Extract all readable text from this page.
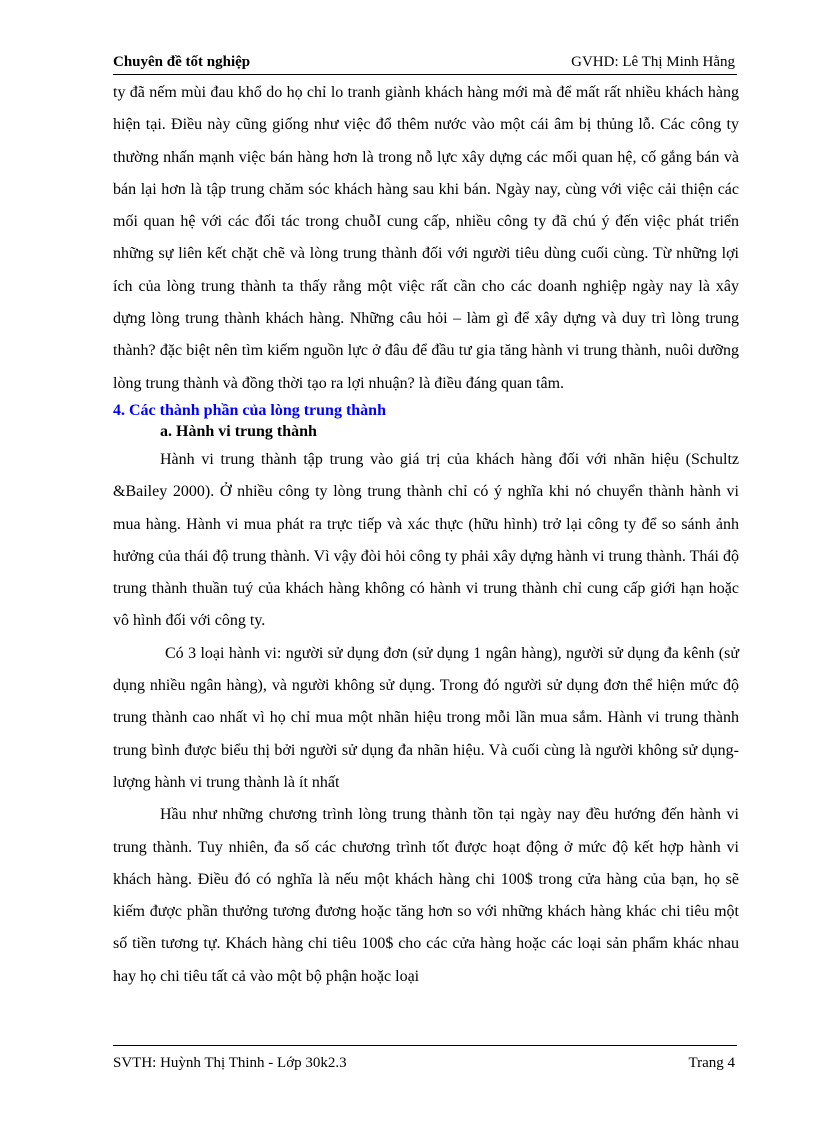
Chuyên đề tốt nghiệp	GVHD: Lê Thị Minh Hằng

ty đã nếm mùi đau khổ do họ chỉ lo tranh giành khách hàng mới mà để mất rất nhiều khách hàng hiện tại. Điều này cũng giống như việc đổ thêm nước vào một cái âm bị thủng lỗ. Các công ty thường nhấn mạnh việc bán hàng hơn là trong nỗ lực xây dựng các mối quan hệ, cố gắng bán và bán lại hơn là tập trung chăm sóc khách hàng sau khi bán. Ngày nay, cùng với việc cải thiện các mối quan hệ với các đối tác trong chuỗI cung cấp, nhiều công ty đã chú ý đến việc phát triển những sự liên kết chặt chẽ và lòng trung thành đối với người tiêu dùng cuối cùng. Từ những lợi ích của lòng trung thành ta thấy rằng một việc rất cần cho các doanh nghiệp ngày nay là xây dựng lòng trung thành khách hàng. Những câu hỏi – làm gì để xây dựng và duy trì lòng trung thành? đặc biệt nên tìm kiếm nguồn lực ở đâu để đầu tư gia tăng hành vi trung thành, nuôi dưỡng lòng trung thành và đồng thời tạo ra lợi nhuận? là điều đáng quan tâm.

4. Các thành phần của lòng trung thành
a. Hành vi trung thành

Hành vi trung thành tập trung vào giá trị của khách hàng đối với nhãn hiệu (Schultz &Bailey 2000). Ở nhiều công ty lòng trung thành chỉ có ý nghĩa khi nó chuyển thành hành vi mua hàng. Hành vi mua phát ra trực tiếp và xác thực (hữu hình) trở lại công ty để so sánh ảnh hưởng của thái độ trung thành. Vì vậy đòi hỏi công ty phải xây dựng hành vi trung thành. Thái độ trung thành thuần tuý của khách hàng không có hành vi trung thành chỉ cung cấp giới hạn hoặc vô hình đối với công ty.

Có 3 loại hành vi: người sử dụng đơn (sử dụng 1 ngân hàng), người sử dụng đa kênh (sử dụng nhiều ngân hàng), và người không sử dụng. Trong đó người sử dụng đơn thể hiện mức độ trung thành cao nhất vì họ chỉ mua một nhãn hiệu trong mỗi lần mua sắm. Hành vi trung thành trung bình được biểu thị bởi người sử dụng đa nhãn hiệu. Và cuối cùng là người không sử dụng-lượng hành vi trung thành là ít nhất

Hầu như những chương trình lòng trung thành tồn tại ngày nay đều hướng đến hành vi trung thành. Tuy nhiên, đa số các chương trình tốt được hoạt động ở mức độ kết hợp hành vi khách hàng. Điều đó có nghĩa là nếu một khách hàng chi 100$ trong cửa hàng của bạn, họ sẽ kiếm được phần thưởng tương đương hoặc tăng hơn so với những khách hàng khác chi tiêu một số tiền tương tự. Khách hàng chi tiêu 100$ cho các cửa hàng hoặc các loại sản phẩm khác nhau hay họ chi tiêu tất cả vào một bộ phận hoặc loại

SVTH: Huỳnh Thị Thinh - Lớp 30k2.3	Trang 4
